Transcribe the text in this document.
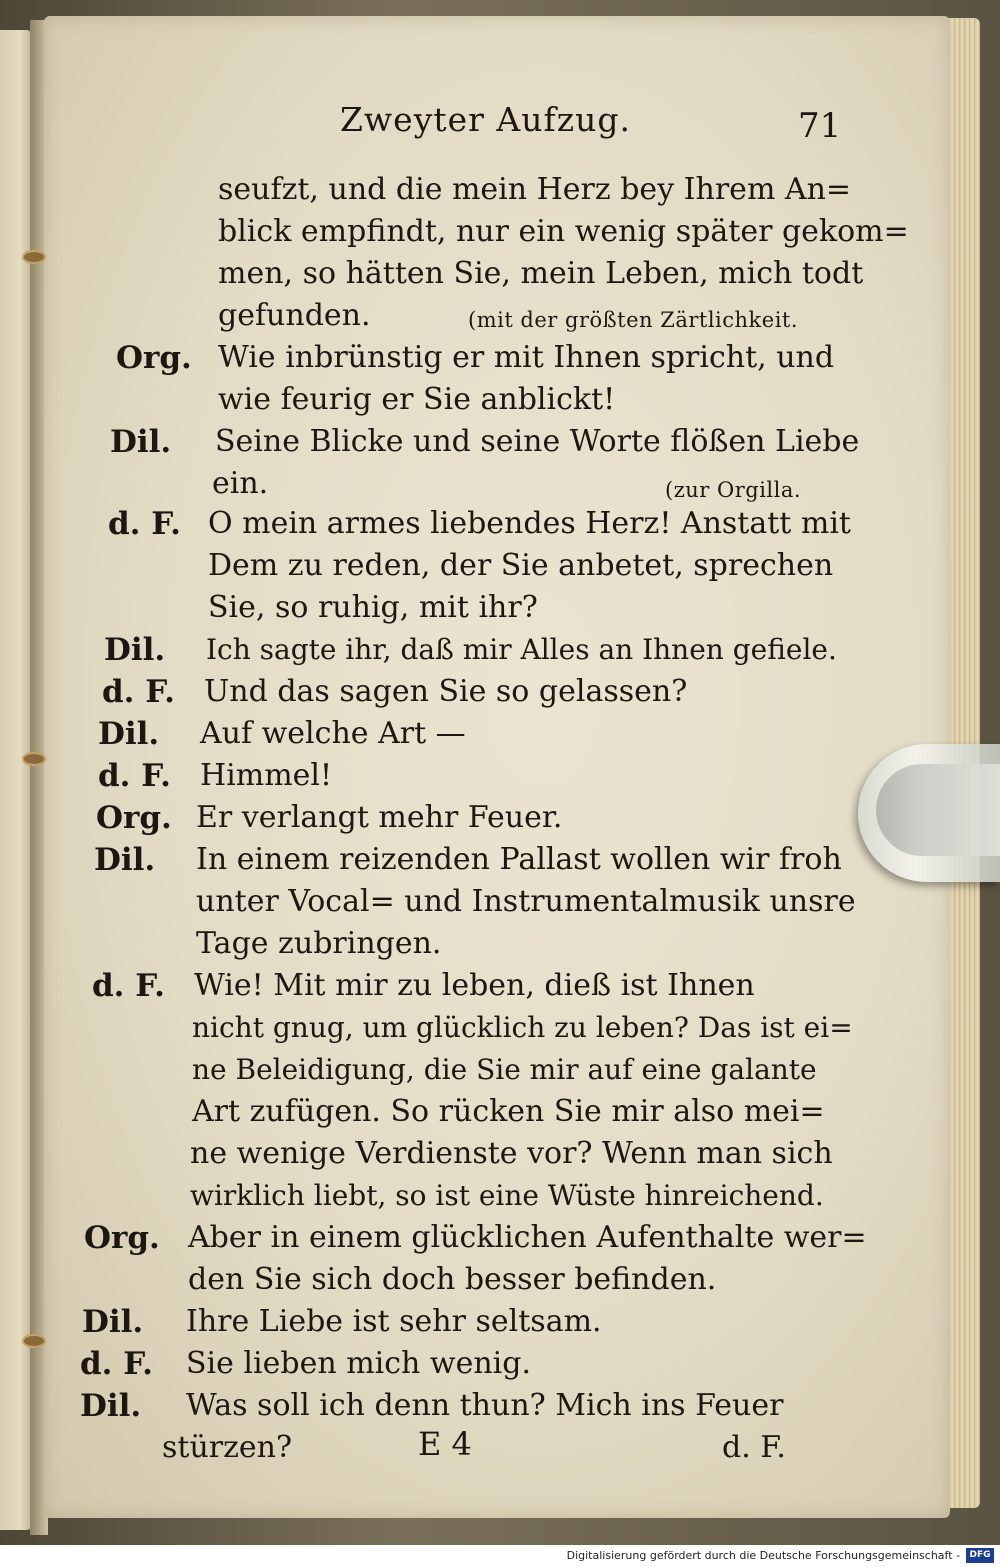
Zweyter Aufzug.	71
seufzt, und die mein Herz bey Ihrem An=
blick empfindt, nur ein wenig später gekom=
men, so hätten Sie, mein Leben, mich todt
gefunden.	(mit der größten Zärtlichkeit.
Org. Wie inbrünstig er mit Ihnen spricht, und
wie feurig er Sie anblickt!
Dil. Seine Blicke und seine Worte flößen Liebe
ein.	(zur Orgilla.
d. F. O mein armes liebendes Herz! Anstatt mit
Dem zu reden, der Sie anbetet, sprechen
Sie, so ruhig, mit ihr?
Dil. Ich sagte ihr, daß mir Alles an Ihnen gefiele.
d. F. Und das sagen Sie so gelassen?
Dil. Auf welche Art —
d. F. Himmel!
Org. Er verlangt mehr Feuer.
Dil. In einem reizenden Pallast wollen wir froh
unter Vocal= und Instrumentalmusik unsre
Tage zubringen.
d. F. Wie! Mit mir zu leben, dieß ist Ihnen
nicht gnug, um glücklich zu leben? Das ist ei=
ne Beleidigung, die Sie mir auf eine galante
Art zufügen. So rücken Sie mir also mei=
ne wenige Verdienste vor? Wenn man sich
wirklich liebt, so ist eine Wüste hinreichend.
Org. Aber in einem glücklichen Aufenthalte wer=
den Sie sich doch besser befinden.
Dil. Ihre Liebe ist sehr seltsam.
d. F. Sie lieben mich wenig.
Dil. Was soll ich denn thun? Mich ins Feuer
stürzen?	E 4	d. F.
Digitalisierung gefördert durch die Deutsche Forschungsgemeinschaft -	DFG
